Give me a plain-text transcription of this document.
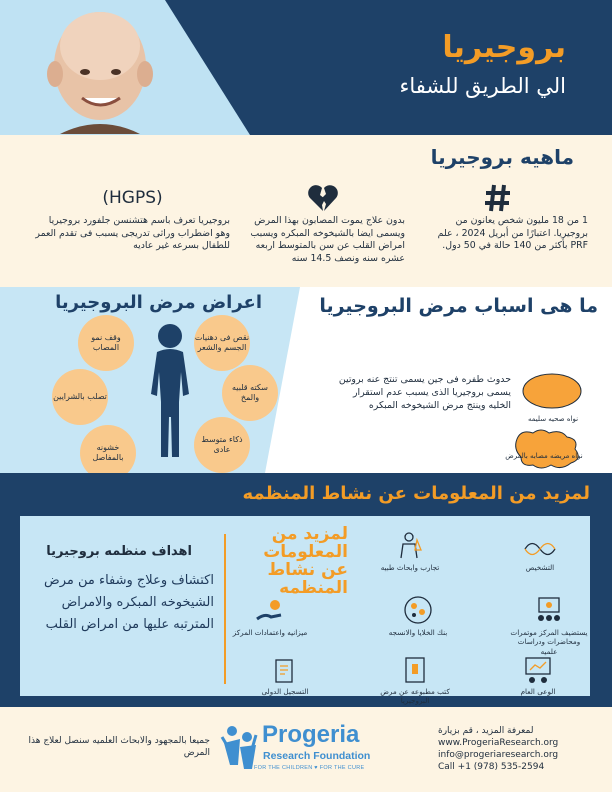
بروجيريا
الي الطريق للشفاء
ماهيه بروجيريا

1 من 18 مليون شخص يعانون من بروجيريا. اعتبارًا من أبريل 2024 ، علم PRF بأكثر من 140 حالة في 50 دول.

بدون علاج يموت المصابون بهذا المرض ويسمى ايضا بالشيخوخه المبكره ويسبب امراض القلب عن سن بالمتوسط اربعه عشره سنه ونصف 14.5 سنه

(HGPS)

بروجيريا تعرف باسم هتشنسن جلفورد بروجيريا وهو اضطراب وراثى تدريجى يسبب فى تقدم العمر للطفال بسرعه غير عاديه

اعراض مرض البروجيريا	ما هى اسباب مرض البروجيريا
وقف نمو المصاب
نقص فى دهنيات الجسم والشعر
تصلب بالشرايين
سكته قلبيه والمخ
خشونه بالمفاصل
ذكاء متوسط عادى
حدوث طفره فى جين يسمى تنتج عنه بروتين يسمى بروجيريا الذى يسبب عدم استقرار الخليه وينتج مرض الشيخوخه المبكره
نواه صحيه سليمه
نواه مريضه مصابه بالمرض
لمزيد من المعلومات عن نشاط المنظمه
اهداف منظمه بروجيريا
اكتشاف وعلاج وشفاء من مرض الشيخوخه المبكره والامراض المترتبه عليها من امراض القلب
لمزيد من المعلومات عن نشاط المنظمه
تجارب وابحاث طبيه	التشخيص
ميزانيه واعتمادات المركز	بنك الخلايا والانسجه	يستضيف المركز موتمرات ومحاضرات ودراسات علميه
التسجيل الدولى	كتب مطبوعه عن مرض البروجيريا
الوعى العام
جميعا بالمجهود والابحاث العلميه سنصل لعلاج هذا المرض
Progeria
Research Foundation
FOR THE CHILDREN ♥ FOR THE CURE
لمعرفة المزيد ، قم بزيارة
www.ProgeriaResearch.org
info@progeriaresearch.org
Call +1 (978) 535-2594
